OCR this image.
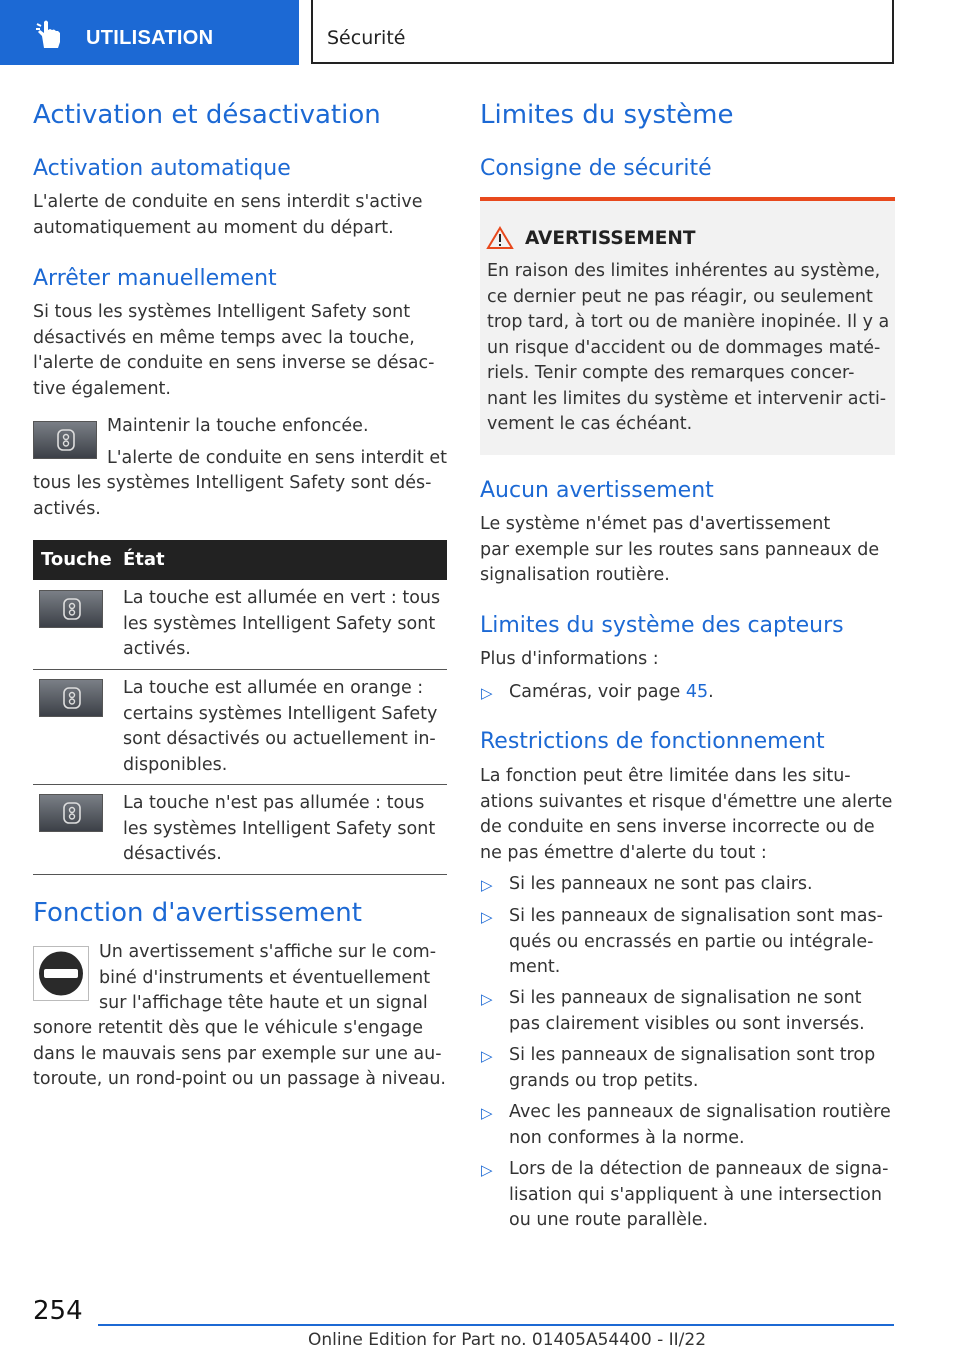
UTILISATION	Sécurité
Activation et désactivation
Activation automatique
L'alerte de conduite en sens interdit s'active
automatiquement au moment du départ.
Arrêter manuellement
Si tous les systèmes Intelligent Safety sont
désactivés en même temps avec la touche,
l'alerte de conduite en sens inverse se désac-
tive également.
Maintenir la touche enfoncée.
L'alerte de conduite en sens interdit et
tous les systèmes Intelligent Safety sont dés-
activés.
Touche État
La touche est allumée en vert : tous
les systèmes Intelligent Safety sont
activés.
La touche est allumée en orange :
certains systèmes Intelligent Safety
sont désactivés ou actuellement in-
disponibles.
La touche n'est pas allumée : tous
les systèmes Intelligent Safety sont
désactivés.
Fonction d'avertissement
Un avertissement s'affiche sur le com-
biné d'instruments et éventuellement
sur l'affichage tête haute et un signal
sonore retentit dès que le véhicule s'engage
dans le mauvais sens par exemple sur une au-
toroute, un rond-point ou un passage à niveau.
Limites du système
Consigne de sécurité
AVERTISSEMENT
En raison des limites inhérentes au système,
ce dernier peut ne pas réagir, ou seulement
trop tard, à tort ou de manière inopinée. Il y a
un risque d'accident ou de dommages maté-
riels. Tenir compte des remarques concer-
nant les limites du système et intervenir acti-
vement le cas échéant.
Aucun avertissement
Le système n'émet pas d'avertissement
par exemple sur les routes sans panneaux de
signalisation routière.
Limites du système des capteurs
Plus d'informations :
▷ Caméras, voir page 45.
Restrictions de fonctionnement
La fonction peut être limitée dans les situ-
ations suivantes et risque d'émettre une alerte
de conduite en sens inverse incorrecte ou de
ne pas émettre d'alerte du tout :
▷ Si les panneaux ne sont pas clairs.
▷ Si les panneaux de signalisation sont mas-
qués ou encrassés en partie ou intégrale-
ment.
▷ Si les panneaux de signalisation ne sont
pas clairement visibles ou sont inversés.
▷ Si les panneaux de signalisation sont trop
grands ou trop petits.
▷ Avec les panneaux de signalisation routière
non conformes à la norme.
▷ Lors de la détection de panneaux de signa-
lisation qui s'appliquent à une intersection
ou une route parallèle.
254
Online Edition for Part no. 01405A54400 - II/22
